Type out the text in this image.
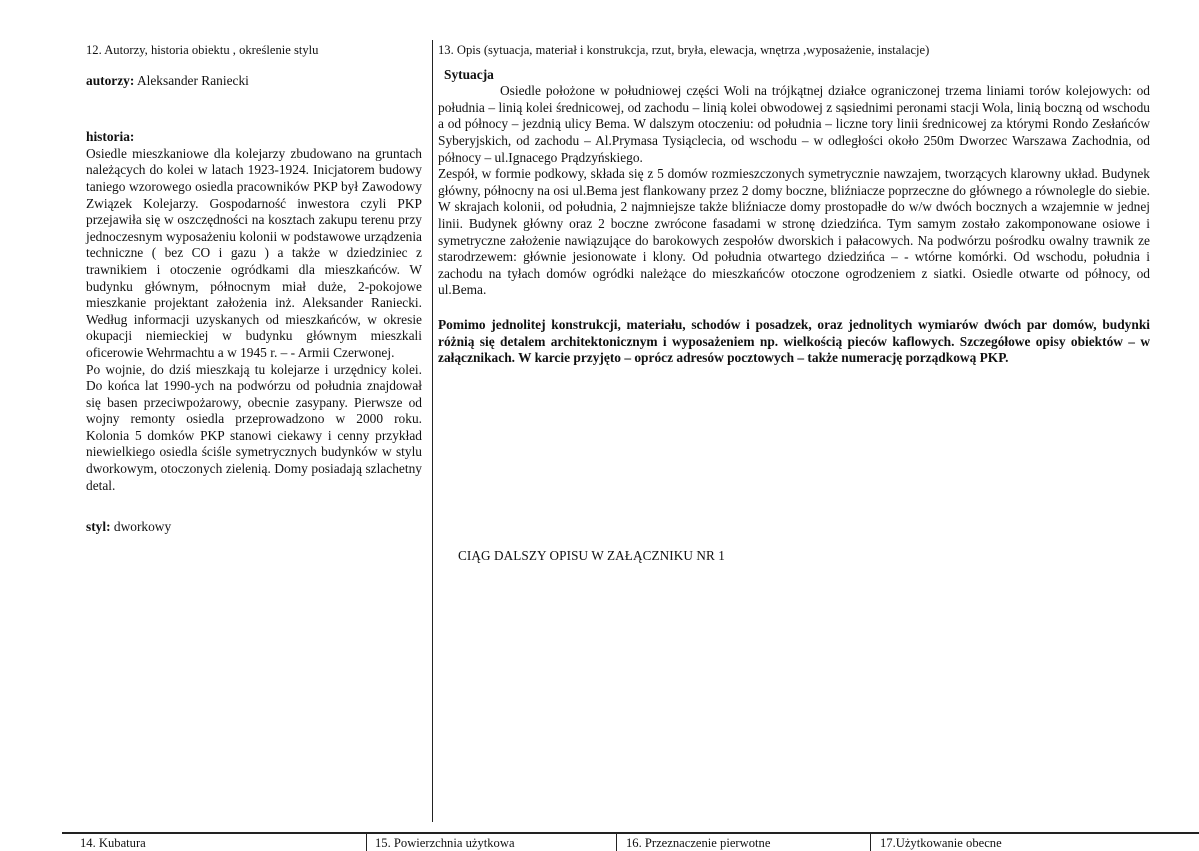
12. Autorzy, historia obiektu , określenie stylu

autorzy: Aleksander Raniecki

historia:

Osiedle mieszkaniowe dla kolejarzy zbudowano na gruntach należących do kolei w latach 1923-1924. Inicjatorem budowy taniego wzorowego osiedla pracowników PKP był Zawodowy Związek Kolejarzy. Gospodarność inwestora czyli PKP przejawiła się w oszczędności na kosztach zakupu terenu przy jednoczesnym wyposażeniu kolonii w podstawowe urządzenia techniczne ( bez CO i gazu ) a także w dziedziniec z trawnikiem i otoczenie ogródkami dla mieszkańców. W budynku głównym, północnym miał duże, 2-pokojowe mieszkanie projektant założenia inż. Aleksander Raniecki. Według informacji uzyskanych od mieszkańców, w okresie okupacji niemieckiej w budynku głównym mieszkali oficerowie Wehrmachtu a w 1945 r. – - Armii Czerwonej.

Po wojnie, do dziś mieszkają tu kolejarze i urzędnicy kolei. Do końca lat 1990-ych na podwórzu od południa znajdował się basen przeciwpożarowy, obecnie zasypany. Pierwsze od wojny remonty osiedla przeprowadzono w 2000 roku. Kolonia 5 domków PKP stanowi ciekawy i cenny przykład niewielkiego osiedla ściśle symetrycznych budynków w stylu dworkowym, otoczonych zielenią. Domy posiadają szlachetny detal.

styl: dworkowy

13. Opis (sytuacja, materiał i konstrukcja, rzut, bryła, elewacja, wnętrza ,wyposażenie, instalacje)

Sytuacja

Osiedle położone w południowej części Woli na trójkątnej działce ograniczonej trzema liniami torów kolejowych: od południa – linią kolei średnicowej, od zachodu – linią kolei obwodowej z sąsiednimi peronami stacji Wola, linią boczną od wschodu a od północy – jezdnią ulicy Bema. W dalszym otoczeniu: od południa – liczne tory linii średnicowej za którymi Rondo Zesłańców Syberyjskich, od zachodu – Al.Prymasa Tysiąclecia, od wschodu – w odległości około 250m Dworzec Warszawa Zachodnia, od północy – ul.Ignacego Prądzyńskiego.

Zespół, w formie podkowy, składa się z 5 domów rozmieszczonych symetrycznie nawzajem, tworzących klarowny układ. Budynek główny, północny na osi ul.Bema jest flankowany przez 2 domy boczne, bliźniacze poprzeczne do głównego a równolegle do siebie. W skrajach kolonii, od południa, 2 najmniejsze także bliźniacze domy prostopadłe do w/w dwóch bocznych a wzajemnie w jednej linii. Budynek główny oraz 2 boczne zwrócone fasadami w stronę dziedzińca. Tym samym zostało zakomponowane osiowe i symetryczne założenie nawiązujące do barokowych zespołów dworskich i pałacowych. Na podwórzu pośrodku owalny trawnik ze starodrzewem: głównie jesionowate i klony. Od południa otwartego dziedzińca – - wtórne komórki. Od wschodu, południa i zachodu na tyłach domów ogródki należące do mieszkańców otoczone ogrodzeniem z siatki. Osiedle otwarte od północy, od ul.Bema.

Pomimo jednolitej konstrukcji, materiału, schodów i posadzek, oraz jednolitych wymiarów dwóch par domów, budynki różnią się detalem architektonicznym i wyposażeniem np. wielkością pieców kaflowych. Szczegółowe opisy obiektów – w załącznikach. W karcie przyjęto – oprócz adresów pocztowych – także numerację porządkową PKP.

CIĄG DALSZY OPISU W ZAŁĄCZNIKU NR 1
14. Kubatura	15. Powierzchnia użytkowa	16. Przeznaczenie pierwotne	17.Użytkowanie obecne
